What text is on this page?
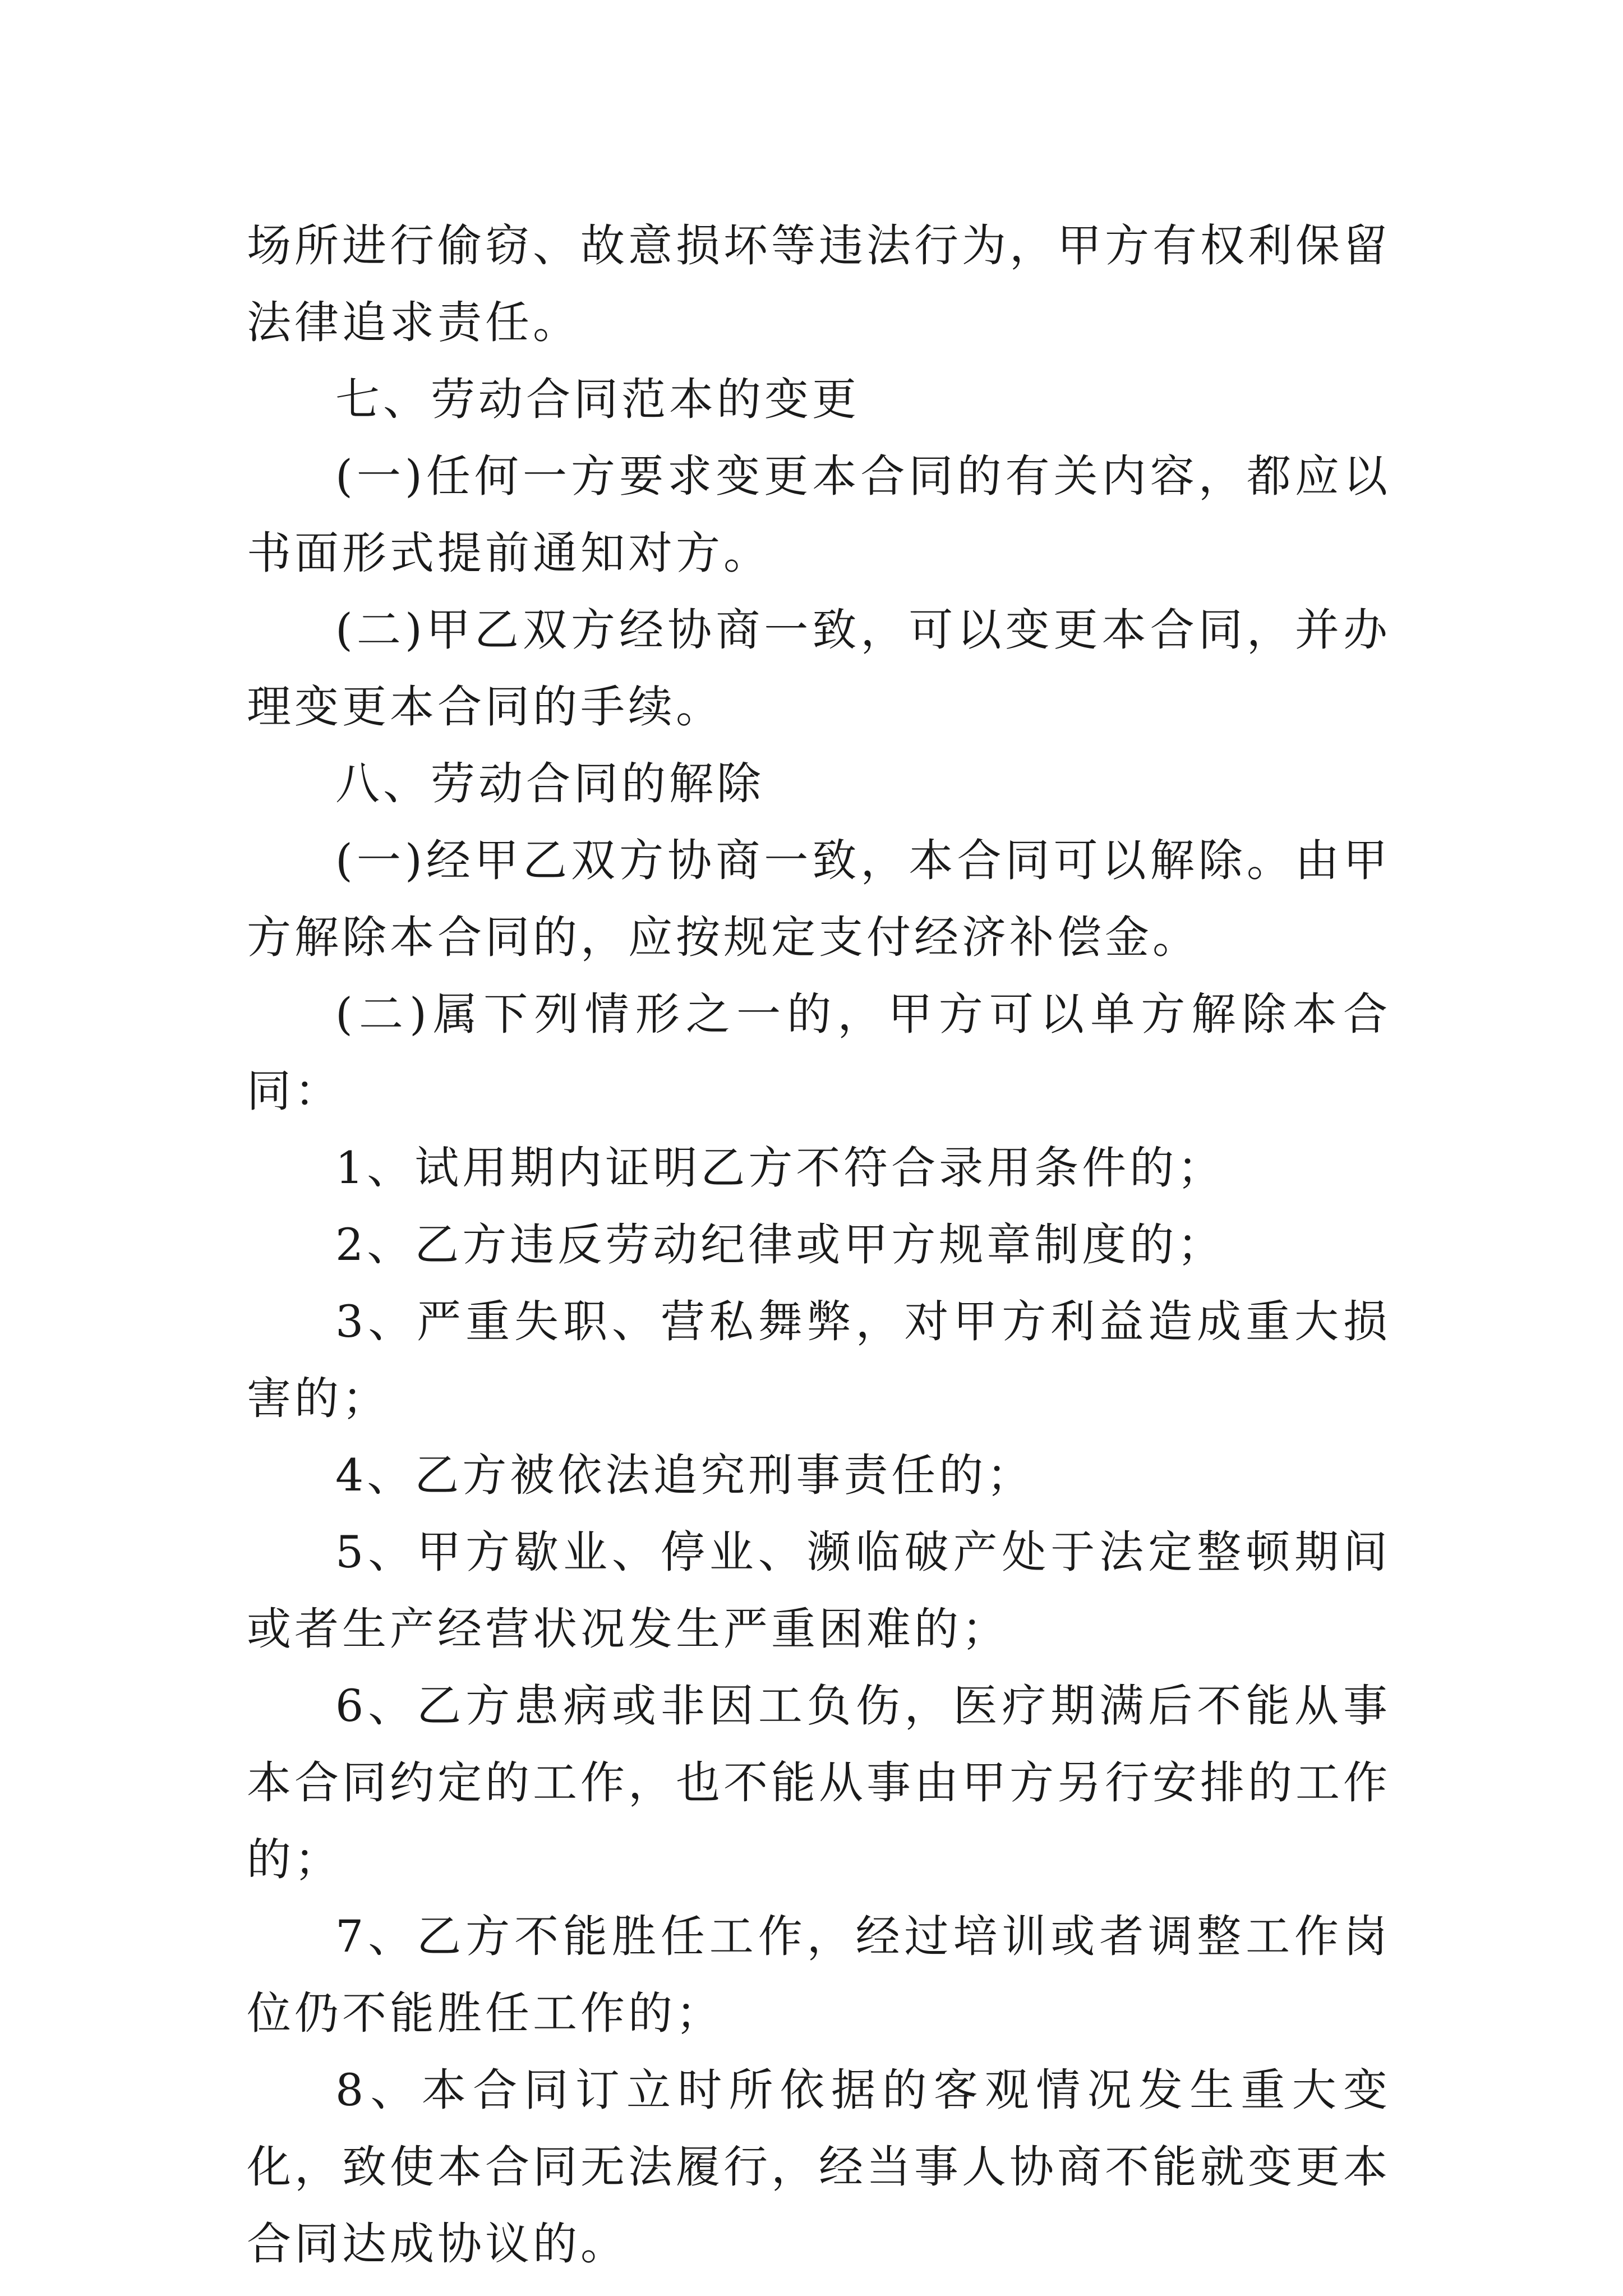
场所进行偷窃、故意损坏等违法行为，甲方有权利保留法律追求责任。

七、劳动合同范本的变更

(一)任何一方要求变更本合同的有关内容，都应以书面形式提前通知对方。

(二)甲乙双方经协商一致，可以变更本合同，并办理变更本合同的手续。

八、劳动合同的解除

(一)经甲乙双方协商一致，本合同可以解除。由甲方解除本合同的，应按规定支付经济补偿金。

(二)属下列情形之一的，甲方可以单方解除本合同：

1、试用期内证明乙方不符合录用条件的；

2、乙方违反劳动纪律或甲方规章制度的；

3、严重失职、营私舞弊，对甲方利益造成重大损害的；

4、乙方被依法追究刑事责任的；

5、甲方歇业、停业、濒临破产处于法定整顿期间或者生产经营状况发生严重困难的；

6、乙方患病或非因工负伤，医疗期满后不能从事本合同约定的工作，也不能从事由甲方另行安排的工作的；

7、乙方不能胜任工作，经过培训或者调整工作岗位仍不能胜任工作的；

8、本合同订立时所依据的客观情况发生重大变化，致使本合同无法履行，经当事人协商不能就变更本合同达成协议的。
